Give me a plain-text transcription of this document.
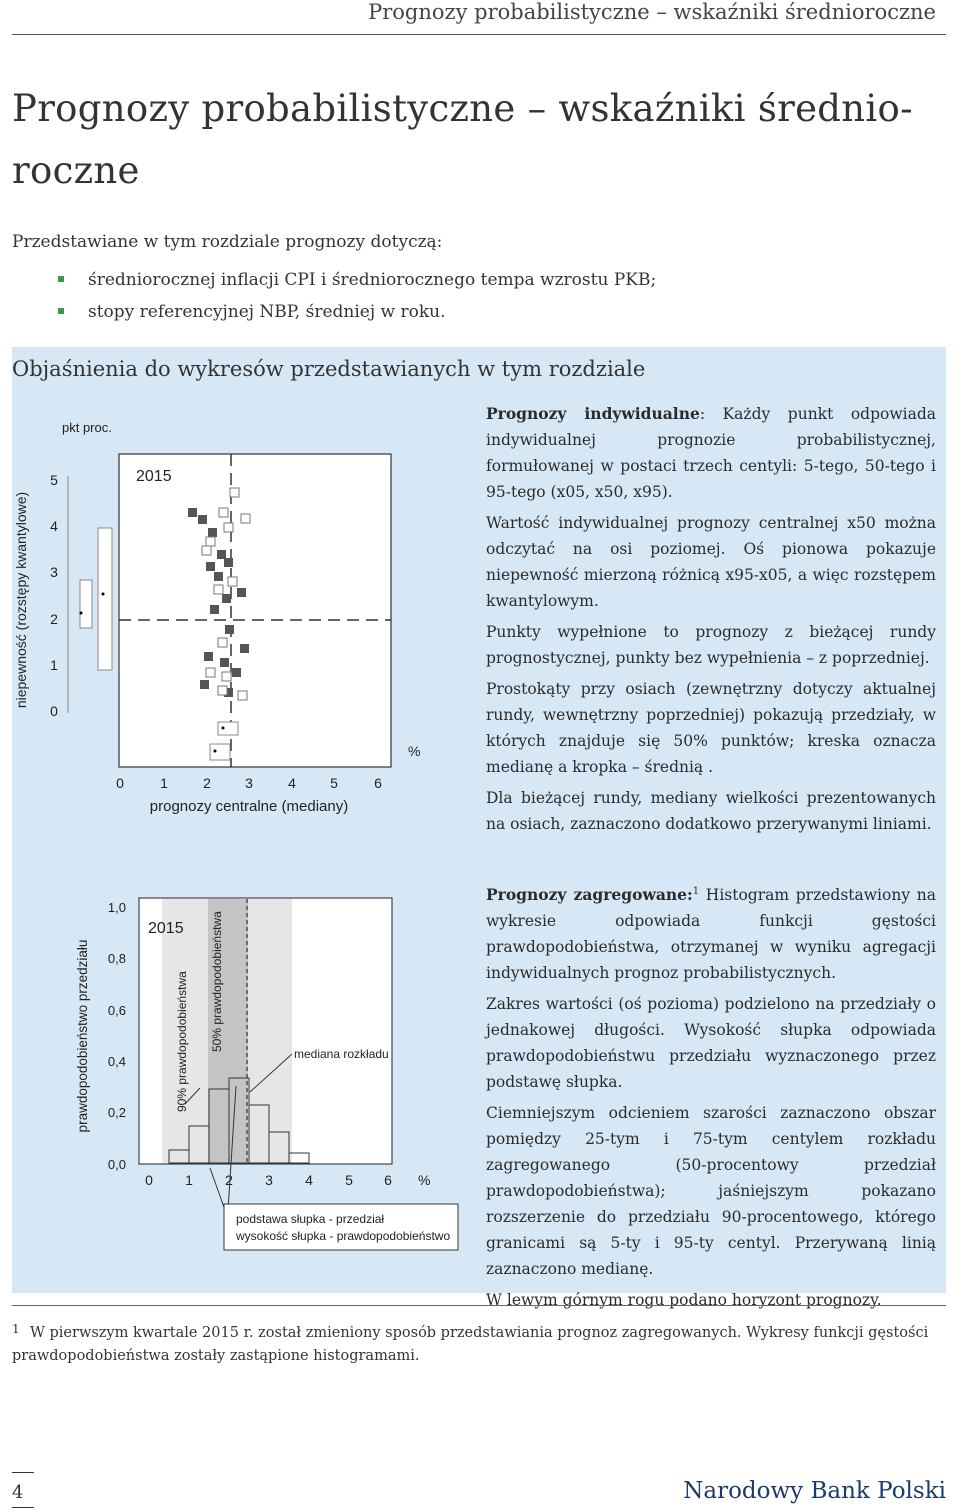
Prognozy probabilistyczne – wskaźniki średnioroczne
Prognozy probabilistyczne – wskaźniki średnio-
roczne
Przedstawiane w tym rozdziale prognozy dotyczą:
średniorocznej inflacji CPI i średniorocznego tempa wzrostu PKB;
stopy referencyjnej NBP, średniej w roku.
Objaśnienia do wykresów przedstawianych w tym rozdziale
pkt proc.
niepewność (rozstępy kwantylowe)
5
4
3
2
1
0
2015
0	1	2 3	4 5	6
prognozy centralne (mediany)
%

Prognozy indywidualne: Każdy punkt odpowiada indywidualnej prognozie probabilistycznej, formułowanej w postaci trzech centyli: 5-tego, 50-tego i 95-tego (x05, x50, x95).

Wartość indywidualnej prognozy centralnej x50 można odczytać na osi poziomej. Oś pionowa pokazuje niepewność mierzoną różnicą x95-x05, a więc rozstępem kwantylowym.

Punkty wypełnione to prognozy z bieżącej rundy prognostycznej, punkty bez wypełnienia – z poprzedniej.

Prostokąty przy osiach (zewnętrzny dotyczy aktualnej rundy, wewnętrzny poprzedniej) pokazują przedziały, w których znajduje się 50% punktów; kreska oznacza medianę a kropka – średnią .

Dla bieżącej rundy, mediany wielkości prezentowanych na osiach, zaznaczono dodatkowo przerywanymi liniami.

prawdopodobieństwo przedziału
1,0
0,8
0,6
0,4
0,2
0,0
2015
90% prawdopodobieństwa 50% prawdopodobieństwa
mediana rozkładu
0 1 2 3 4 5 6 %
podstawa słupka - przedział
wysokość słupka - prawdopodobieństwo

Prognozy zagregowane:$^1$ Histogram przedstawiony na wykresie odpowiada funkcji gęstości prawdopodobieństwa, otrzymanej w wyniku agregacji indywidualnych prognoz probabilistycznych.

Zakres wartości (oś pozioma) podzielono na przedziały o jednakowej długości. Wysokość słupka odpowiada prawdopodobieństwu przedziału wyznaczonego przez podstawę słupka.

Ciemniejszym odcieniem szarości zaznaczono obszar pomiędzy 25-tym i 75-tym centylem rozkładu zagregowanego (50-procentowy przedział prawdopodobieństwa); jaśniejszym pokazano rozszerzenie do przedziału 90-procentowego, którego granicami są 5-ty i 95-ty centyl. Przerywaną linią zaznaczono medianę.

W lewym górnym rogu podano horyzont prognozy.

1 W pierwszym kwartale 2015 r. został zmieniony sposób przedstawiania prognoz zagregowanych. Wykresy funkcji gęstości prawdopodobieństwa zostały zastąpione histogramami.
4	Narodowy Bank Polski
